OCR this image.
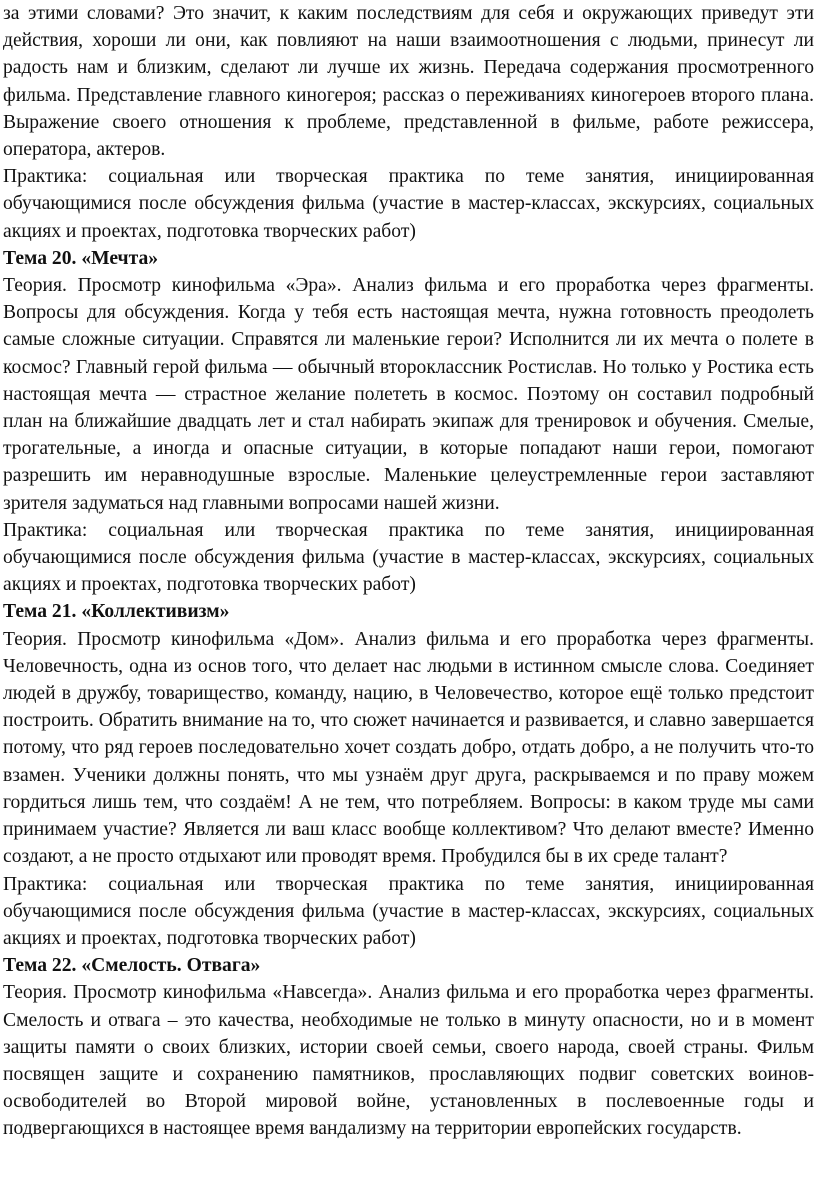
за этими словами? Это значит, к каким последствиям для себя и окружающих приведут эти действия, хороши ли они, как повлияют на наши взаимоотношения с людьми, принесут ли радость нам и близким, сделают ли лучше их жизнь. Передача содержания просмотренного фильма. Представление главного киногероя; рассказ о переживаниях киногероев второго плана. Выражение своего отношения к проблеме, представленной в фильме, работе режиссера, оператора, актеров.

Практика: социальная или творческая практика по теме занятия, инициированная обучающимися после обсуждения фильма (участие в мастер-классах, экскурсиях, социальных акциях и проектах, подготовка творческих работ)

Тема 20. «Мечта»

Теория. Просмотр кинофильма «Эра». Анализ фильма и его проработка через фрагменты. Вопросы для обсуждения. Когда у тебя есть настоящая мечта, нужна готовность преодолеть самые сложные ситуации. Справятся ли маленькие герои? Исполнится ли их мечта о полете в космос? Главный герой фильма — обычный второклассник Ростислав. Но только у Ростика есть настоящая мечта — страстное желание полететь в космос. Поэтому он составил подробный план на ближайшие двадцать лет и стал набирать экипаж для тренировок и обучения. Смелые, трогательные, а иногда и опасные ситуации, в которые попадают наши герои, помогают разрешить им неравнодушные взрослые. Маленькие целеустремленные герои заставляют зрителя задуматься над главными вопросами нашей жизни.

Практика: социальная или творческая практика по теме занятия, инициированная обучающимися после обсуждения фильма (участие в мастер-классах, экскурсиях, социальных акциях и проектах, подготовка творческих работ)

Тема 21. «Коллективизм»

Теория. Просмотр кинофильма «Дом». Анализ фильма и его проработка через фрагменты. Человечность, одна из основ того, что делает нас людьми в истинном смысле слова. Соединяет людей в дружбу, товарищество, команду, нацию, в Человечество, которое ещё только предстоит построить. Обратить внимание на то, что сюжет начинается и развивается, и славно завершается потому, что ряд героев последовательно хочет создать добро, отдать добро, а не получить что-то взамен. Ученики должны понять, что мы узнаём друг друга, раскрываемся и по праву можем гордиться лишь тем, что создаём! А не тем, что потребляем. Вопросы: в каком труде мы сами принимаем участие? Является ли ваш класс вообще коллективом? Что делают вместе? Именно создают, а не просто отдыхают или проводят время. Пробудился бы в их среде талант?

Практика: социальная или творческая практика по теме занятия, инициированная обучающимися после обсуждения фильма (участие в мастер-классах, экскурсиях, социальных акциях и проектах, подготовка творческих работ)

Тема 22. «Смелость. Отвага»

Теория. Просмотр кинофильма «Навсегда». Анализ фильма и его проработка через фрагменты. Смелость и отвага – это качества, необходимые не только в минуту опасности, но и в момент защиты памяти о своих близких, истории своей семьи, своего народа, своей страны. Фильм посвящен защите и сохранению памятников, прославляющих подвиг советских воинов-освободителей во Второй мировой войне, установленных в послевоенные годы и подвергающихся в настоящее время вандализму на территории европейских государств.
